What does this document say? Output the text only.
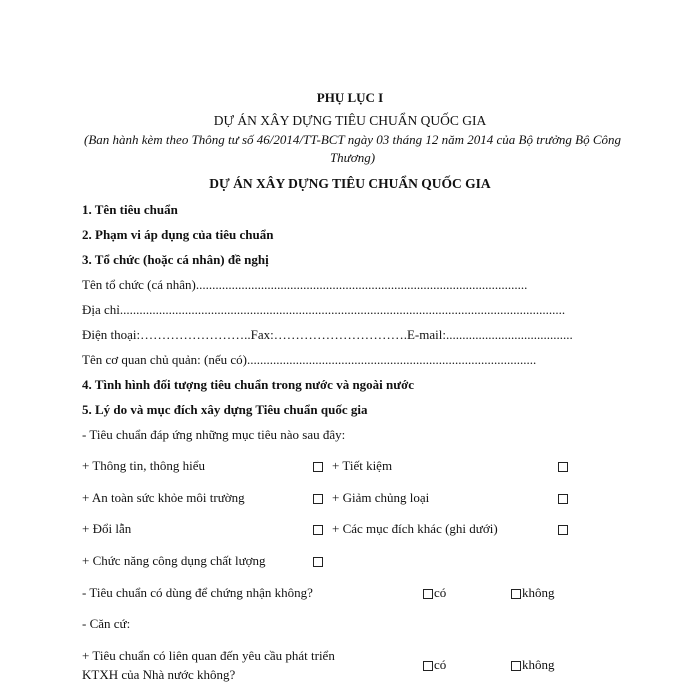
PHỤ LỤC I
DỰ ÁN XÂY DỰNG TIÊU CHUẨN QUỐC GIA
(Ban hành kèm theo Thông tư số 46/2014/TT-BCT ngày 03 tháng 12 năm 2014 của Bộ trưởng Bộ Công Thương)
DỰ ÁN XÂY DỰNG TIÊU CHUẨN QUỐC GIA
1. Tên tiêu chuẩn
2. Phạm vi áp dụng của tiêu chuẩn
3. Tổ chức (hoặc cá nhân) đề nghị
Tên tổ chức (cá nhân)......................................................................................................
Địa chỉ.........................................................................................................................................
Điện thoại:……………………..Fax:………………………….E-mail:.......................................
Tên cơ quan chủ quản: (nếu có).........................................................................................
4. Tình hình đối tượng tiêu chuẩn trong nước và ngoài nước
5. Lý do và mục đích xây dựng Tiêu chuẩn quốc gia
- Tiêu chuẩn đáp ứng những mục tiêu nào sau đây:
+ Thông tin, thông hiểu	+ Tiết kiệm
+ An toàn sức khỏe môi trường	+ Giảm chủng loại
+ Đổi lẫn	+ Các mục đích khác (ghi dưới)
+ Chức năng công dụng chất lượng
- Tiêu chuẩn có dùng để chứng nhận không?	có	không
- Căn cứ:
+ Tiêu chuẩn có liên quan đến yêu cầu phát triển
KTXH của Nhà nước không?
có	không
